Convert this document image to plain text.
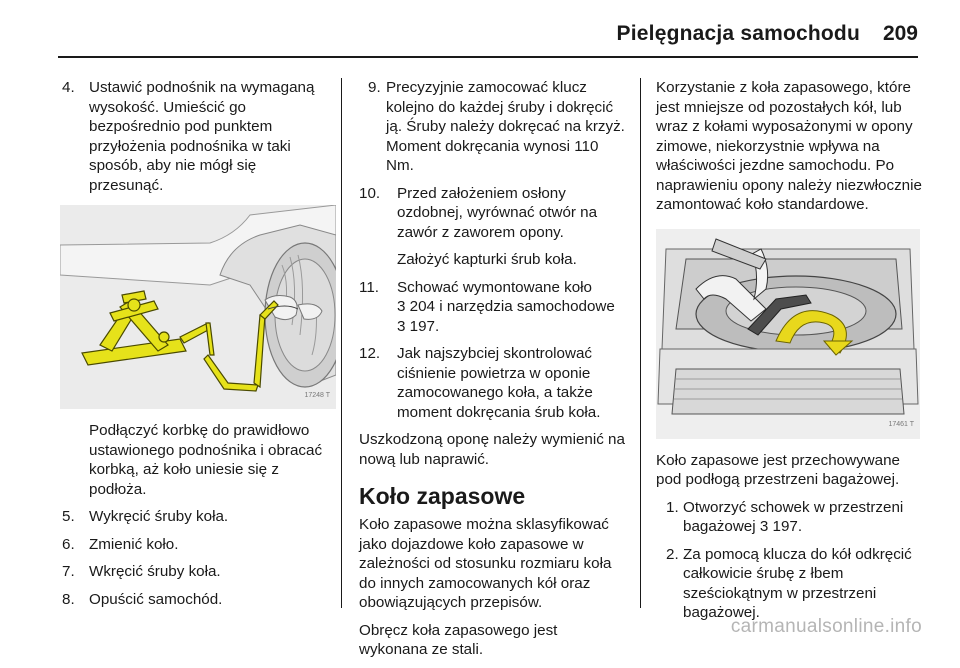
Pielęgnacja samochodu 209
4. Ustawić podnośnik na wymaganą wysokość. Umieścić go bezpośrednio pod punktem przyłożenia podnośnika w taki sposób, aby nie mógł się przesunąć.
17248 T

Podłączyć korbkę do prawidłowo ustawionego podnośnika i obracać korbką, aż koło uniesie się z podłoża.

5. Wykręcić śruby koła.
6. Zmienić koło.
7. Wkręcić śruby koła.
8. Opuścić samochód.
9. Precyzyjnie zamocować klucz kolejno do każdej śruby i dokręcić ją. Śruby należy dokręcać na krzyż. Moment dokręcania wynosi 110 Nm.
10. Przed założeniem osłony ozdobnej, wyrównać otwór na zawór z zaworem opony.

Założyć kapturki śrub koła.

11. Schować wymontowane koło
3 204 i narzędzia samochodowe
3 197.
12. Jak najszybciej skontrolować ciśnienie powietrza w oponie zamocowanego koła, a także moment dokręcania śrub koła.

Uszkodzoną oponę należy wymienić na nową lub naprawić.

Koło zapasowe

Koło zapasowe można sklasyfikować jako dojazdowe koło zapasowe w zależności od stosunku rozmiaru koła do innych zamocowanych kół oraz obowiązujących przepisów.

Obręcz koła zapasowego jest wykonana ze stali.

Korzystanie z koła zapasowego, które jest mniejsze od pozostałych kół, lub wraz z kołami wyposażonymi w opony zimowe, niekorzystnie wpływa na właściwości jezdne samochodu. Po naprawieniu opony należy niezwłocznie zamontować koło standardowe.

17461 T

Koło zapasowe jest przechowywane pod podłogą przestrzeni bagażowej.

1. Otworzyć schowek w przestrzeni bagażowej 3 197.
2. Za pomocą klucza do kół odkręcić całkowicie śrubę z łbem sześciokątnym w przestrzeni bagażowej.
carmanualsonline.info
